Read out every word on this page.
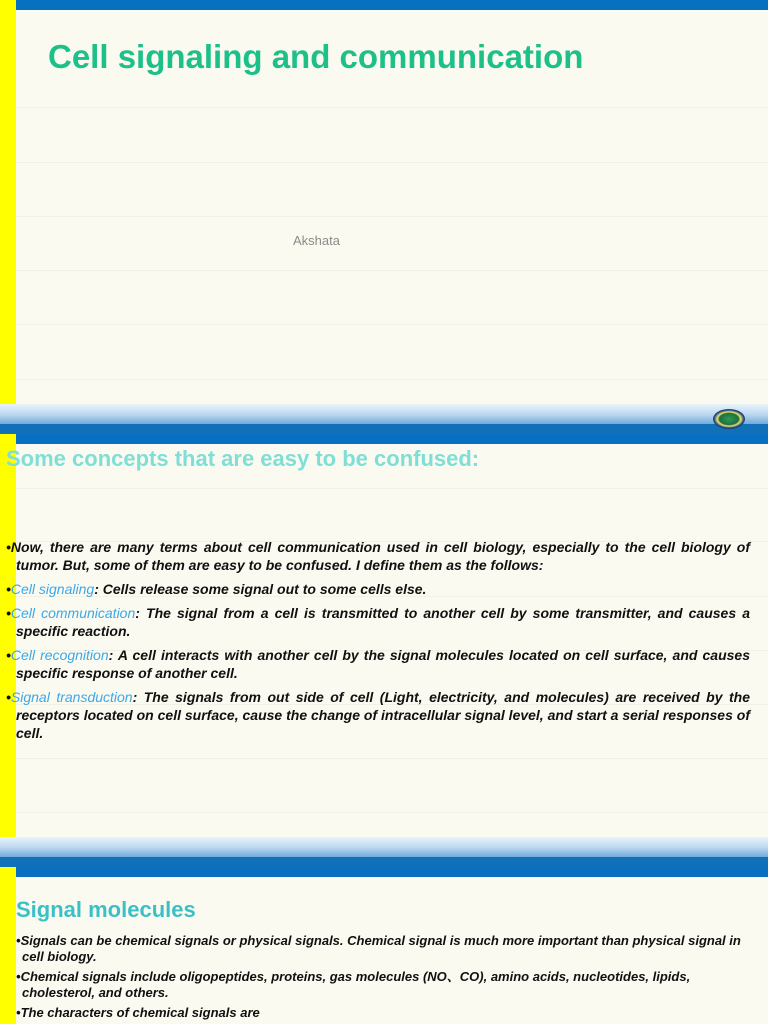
Cell signaling and communication
Akshata
Some concepts that are easy to be confused:

•Now, there are many terms about cell communication used in cell biology, especially to the cell biology of tumor. But, some of them are easy to be confused. I define them as the follows:

•Cell signaling: Cells release some signal out to some cells else.

•Cell communication: The signal from a cell is transmitted to another cell by some transmitter, and causes a specific reaction.

•Cell recognition: A cell interacts with another cell by the signal molecules located on cell surface, and causes specific response of another cell.

•Signal transduction: The signals from out side of cell (Light, electricity, and molecules) are received by the receptors located on cell surface, cause the change of intracellular signal level, and start a serial responses of cell.

Signal molecules

•Signals can be chemical signals or physical signals. Chemical signal is much more important than physical signal in cell biology.

•Chemical signals include oligopeptides, proteins, gas molecules (NO、CO), amino acids, nucleotides, lipids, cholesterol, and others.

•The characters of chemical signals are
